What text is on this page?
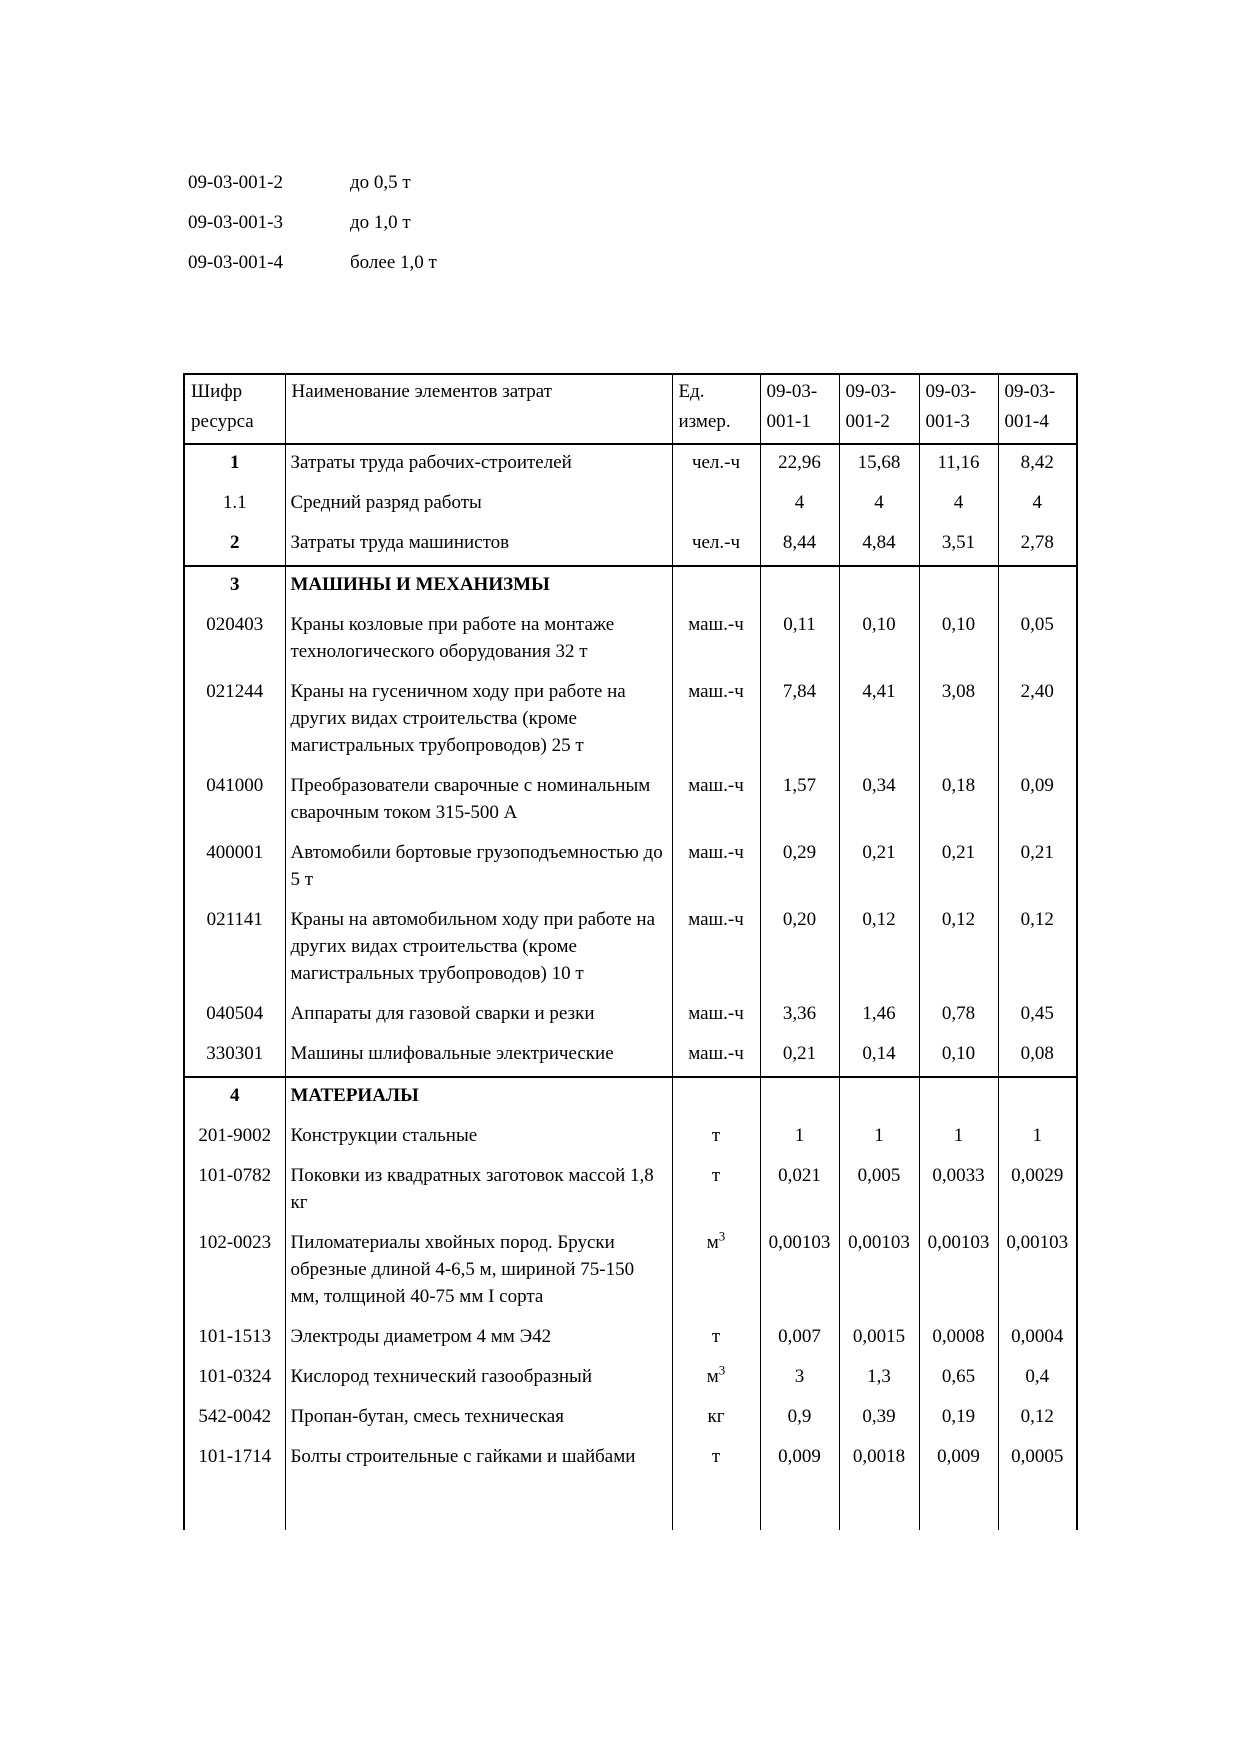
09-03-001-2	до 0,5 т
09-03-001-3	до 1,0 т
09-03-001-4	более 1,0 т
Шифр ресурса	Наименование элементов затрат	Ед. измер.	09-03-001-1	09-03-001-2	09-03-001-3	09-03-001-4
1	Затраты труда рабочих-строителей	чел.-ч	22,96	15,68	11,16	8,42
1.1	Средний разряд работы		4	4	4	4
2	Затраты труда машинистов	чел.-ч	8,44	4,84	3,51	2,78
3	МАШИНЫ И МЕХАНИЗМЫ					
020403	Краны козловые при работе на монтаже технологического оборудования 32 т	маш.-ч	0,11	0,10	0,10	0,05
021244	Краны на гусеничном ходу при работе на других видах строительства (кроме магистральных трубопроводов) 25 т	маш.-ч	7,84	4,41	3,08	2,40
041000	Преобразователи сварочные с номинальным сварочным током 315-500 А	маш.-ч	1,57	0,34	0,18	0,09
400001	Автомобили бортовые грузоподъемностью до 5 т	маш.-ч	0,29	0,21	0,21	0,21
021141	Краны на автомобильном ходу при работе на других видах строительства (кроме магистральных трубопроводов) 10 т	маш.-ч	0,20	0,12	0,12	0,12
040504	Аппараты для газовой сварки и резки	маш.-ч	3,36	1,46	0,78	0,45
330301	Машины шлифовальные электрические	маш.-ч	0,21	0,14	0,10	0,08
4	МАТЕРИАЛЫ					
201-9002	Конструкции стальные	т	1	1	1	1
101-0782	Поковки из квадратных заготовок массой 1,8 кг	т	0,021	0,005	0,0033	0,0029
102-0023	Пиломатериалы хвойных пород. Бруски обрезные длиной 4-6,5 м, шириной 75-150 мм, толщиной 40-75 мм I сорта	$м^3$	0,00103	0,00103	0,00103	0,00103
101-1513	Электроды диаметром 4 мм Э42	т	0,007	0,0015	0,0008	0,0004
101-0324	Кислород технический газообразный	$м^3$	3	1,3	0,65	0,4
542-0042	Пропан-бутан, смесь техническая	кг	0,9	0,39	0,19	0,12
101-1714	Болты строительные с гайками и шайбами	т	0,009	0,0018	0,009	0,0005
